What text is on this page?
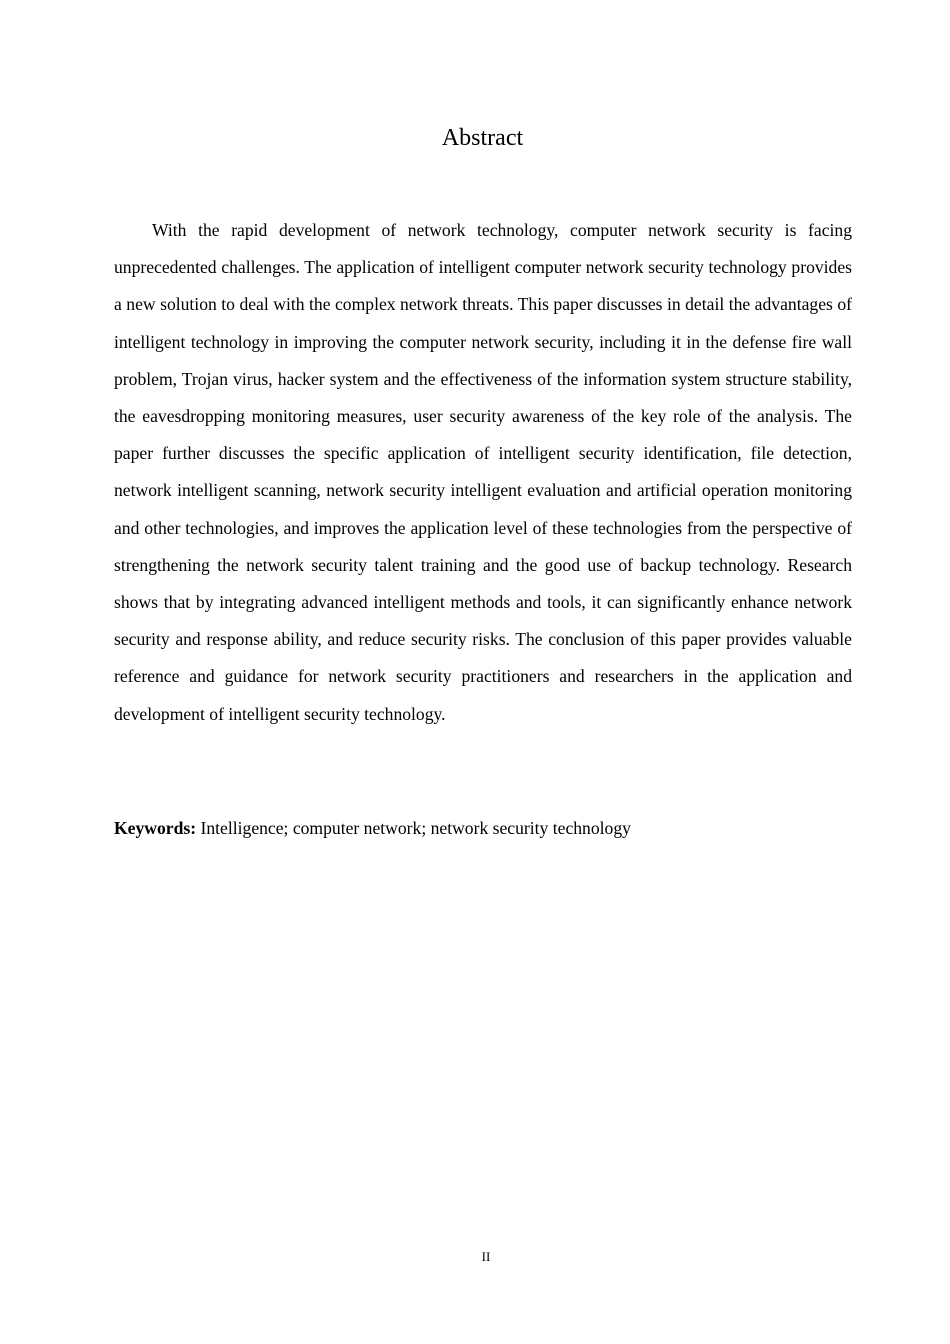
Abstract

With the rapid development of network technology, computer network security is facing unprecedented challenges. The application of intelligent computer network security technology provides a new solution to deal with the complex network threats. This paper discusses in detail the advantages of intelligent technology in improving the computer network security, including it in the defense fire wall problem, Trojan virus, hacker system and the effectiveness of the information system structure stability, the eavesdropping monitoring measures, user security awareness of the key role of the analysis. The paper further discusses the specific application of intelligent security identification, file detection, network intelligent scanning, network security intelligent evaluation and artificial operation monitoring and other technologies, and improves the application level of these technologies from the perspective of strengthening the network security talent training and the good use of backup technology. Research shows that by integrating advanced intelligent methods and tools, it can significantly enhance network security and response ability, and reduce security risks. The conclusion of this paper provides valuable reference and guidance for network security practitioners and researchers in the application and development of intelligent security technology.

Keywords: Intelligence; computer network; network security technology

II
